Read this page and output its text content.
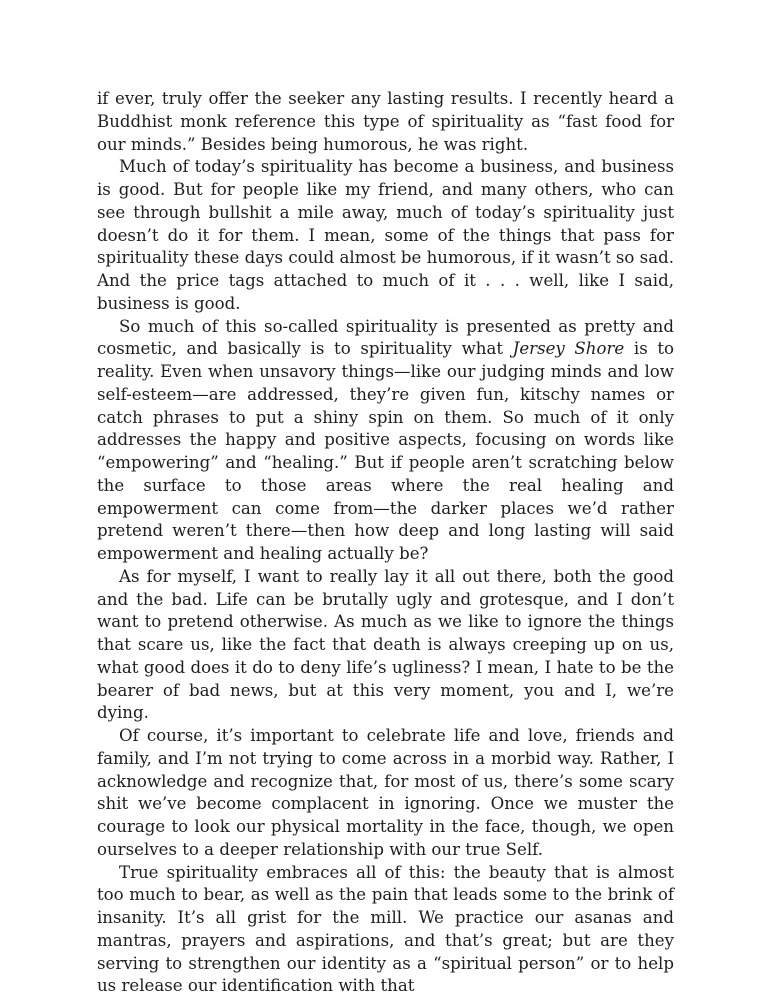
if ever, truly offer the seeker any lasting results. I recently heard a Buddhist monk reference this type of spirituality as “fast food for our minds.” Besides being humorous, he was right.

Much of today’s spirituality has become a business, and business is good. But for people like my friend, and many others, who can see through bullshit a mile away, much of today’s spirituality just doesn’t do it for them. I mean, some of the things that pass for spirituality these days could almost be humorous, if it wasn’t so sad. And the price tags attached to much of it . . . well, like I said, business is good.

So much of this so-called spirituality is presented as pretty and cosmetic, and basically is to spirituality what Jersey Shore is to reality. Even when unsavory things—like our judging minds and low self-esteem—are addressed, they’re given fun, kitschy names or catch phrases to put a shiny spin on them. So much of it only addresses the happy and positive aspects, focusing on words like “empowering” and “healing.” But if people aren’t scratching below the surface to those areas where the real healing and empowerment can come from—the darker places we’d rather pretend weren’t there—then how deep and long lasting will said empowerment and healing actually be?

As for myself, I want to really lay it all out there, both the good and the bad. Life can be brutally ugly and grotesque, and I don’t want to pretend otherwise. As much as we like to ignore the things that scare us, like the fact that death is always creeping up on us, what good does it do to deny life’s ugliness? I mean, I hate to be the bearer of bad news, but at this very moment, you and I, we’re dying.

Of course, it’s important to celebrate life and love, friends and family, and I’m not trying to come across in a morbid way. Rather, I acknowledge and recognize that, for most of us, there’s some scary shit we’ve become complacent in ignoring. Once we muster the courage to look our physical mortality in the face, though, we open ourselves to a deeper relationship with our true Self.

True spirituality embraces all of this: the beauty that is almost too much to bear, as well as the pain that leads some to the brink of insanity. It’s all grist for the mill. We practice our asanas and mantras, prayers and aspirations, and that’s great; but are they serving to strengthen our identity as a “spiritual person” or to help us release our identification with that
